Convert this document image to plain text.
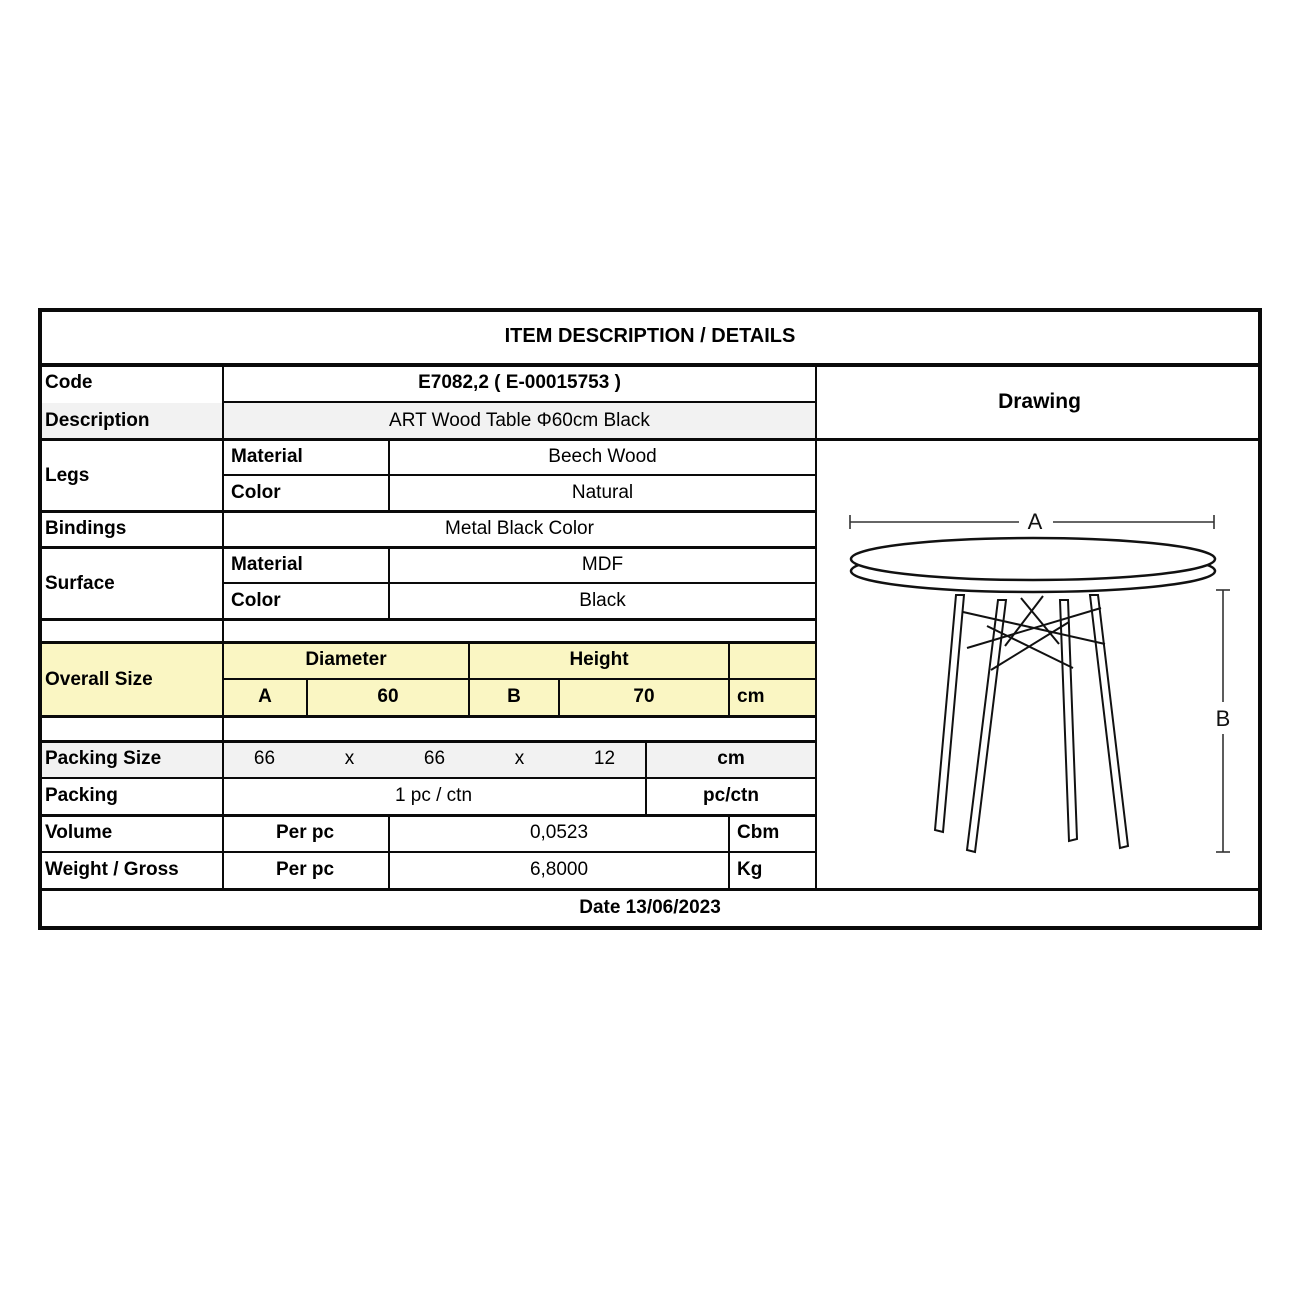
ITEM DESCRIPTION / DETAILS
Code	E7082,2 ( E-00015753 )
Description	ART Wood Table Φ60cm Black
Legs
Material	Beech Wood
Color	Natural
Bindings	Metal Black Color
Surface
Material	MDF
Color	Black
Overall Size
Diameter	Height
A	60	B	70	cm
Packing Size	66	x	66	x	12	cm
Packing	1 pc / ctn	pc/ctn
Volume	Per pc	0,0523	Cbm
Weight / Gross	Per pc	6,8000	Kg
Date 13/06/2023
Drawing
A
B
